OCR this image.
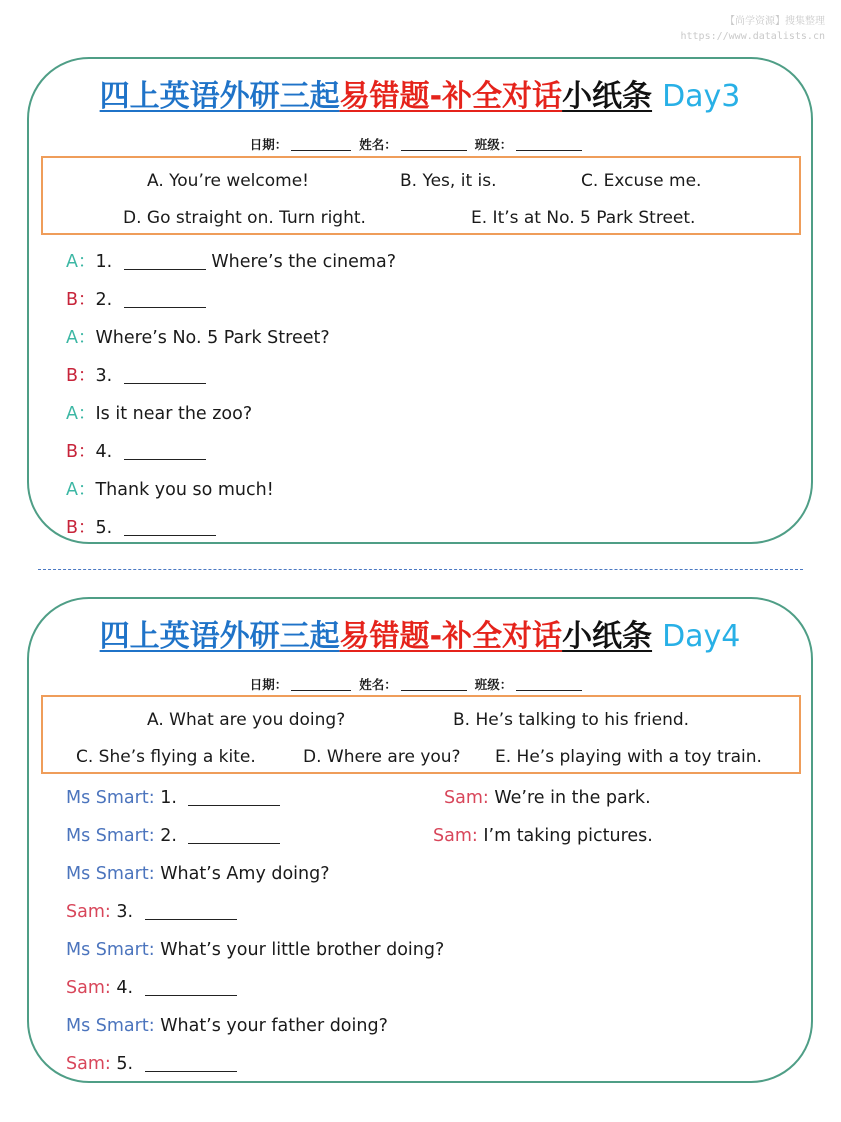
【尚学资源】搜集整理
https://www.datalists.cn
四上英语外研三起易错题-补全对话小纸条 Day3
日期：	姓名：	班级：
A. You’re welcome!	B. Yes, it is.	C. Excuse me.
D. Go straight on. Turn right.	E. It’s at No. 5 Park Street.
A：1.	Where’s the cinema?
B：2.
A：Where’s No. 5 Park Street?
B：3.
A：Is it near the zoo?
B：4.
A：Thank you so much!
B：5.
四上英语外研三起易错题-补全对话小纸条 Day4
日期：	姓名：	班级：
A. What are you doing?	B. He’s talking to his friend.
C. She’s flying a kite.	D. Where are you? E. He’s playing with a toy train.
Ms Smart: 1.	Sam: We’re in the park.
Ms Smart: 2.	Sam: I’m taking pictures.
Ms Smart: What’s Amy doing?
Sam: 3.
Ms Smart: What’s your little brother doing?
Sam: 4.
Ms Smart: What’s your father doing?
Sam: 5.
